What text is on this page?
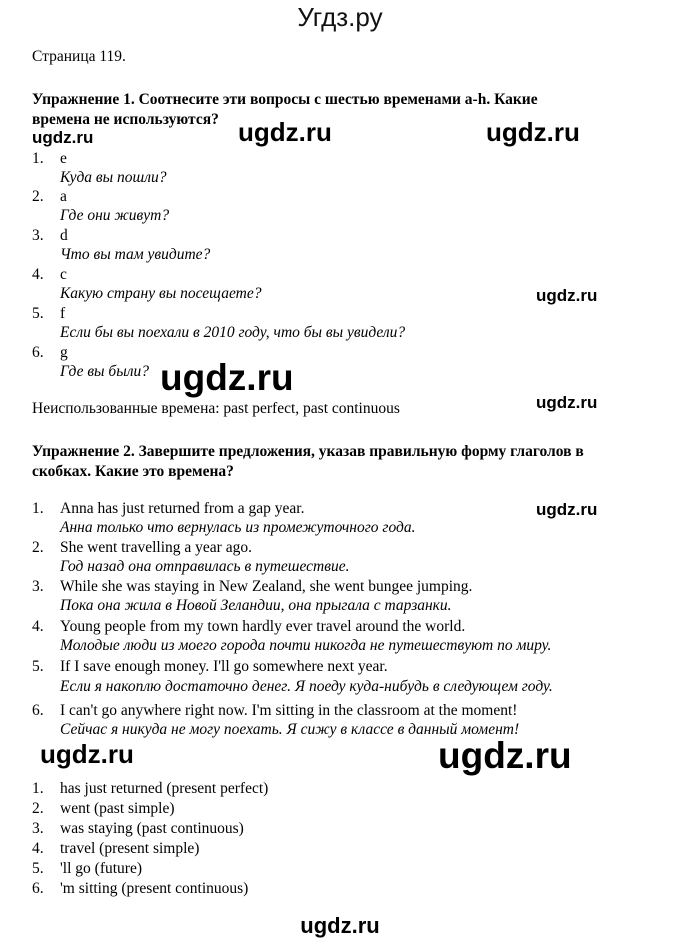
Угдз.ру
Страница 119.
Упражнение 1. Соотнесите эти вопросы с шестью временами a-h. Какие времена не используются?
1. e
Куда вы пошли?
2. a
Где они живут?
3. d
Что вы там увидите?
4. c
Какую страну вы посещаете?
5. f
Если бы вы поехали в 2010 году, что бы вы увидели?
6. g
Где вы были?
Неиспользованные времена: past perfect, past continuous
Упражнение 2. Завершите предложения, указав правильную форму глаголов в скобках. Какие это времена?
1. Anna has just returned from a gap year.
Анна только что вернулась из промежуточного года.
2. She went travelling a year ago.
Год назад она отправилась в путешествие.
3. While she was staying in New Zealand, she went bungee jumping.
Пока она жила в Новой Зеландии, она прыгала с тарзанки.
4. Young people from my town hardly ever travel around the world.
Молодые люди из моего города почти никогда не путешествуют по миру.
5. If I save enough money. I'll go somewhere next year.
Если я накоплю достаточно денег. Я поеду куда-нибудь в следующем году.
6. I can't go anywhere right now. I'm sitting in the classroom at the moment!
Сейчас я никуда не могу поехать. Я сижу в классе в данный момент!
1. has just returned (present perfect)
2. went (past simple)
3. was staying (past continuous)
4. travel (present simple)
5. 'll go (future)
6. 'm sitting (present continuous)
ugdz.ru	ugdz.ru	ugdz.ru
ugdz.ru
ugdz.ru
ugdz.ru
ugdz.ru
ugdz.ru	ugdz.ru
ugdz.ru
